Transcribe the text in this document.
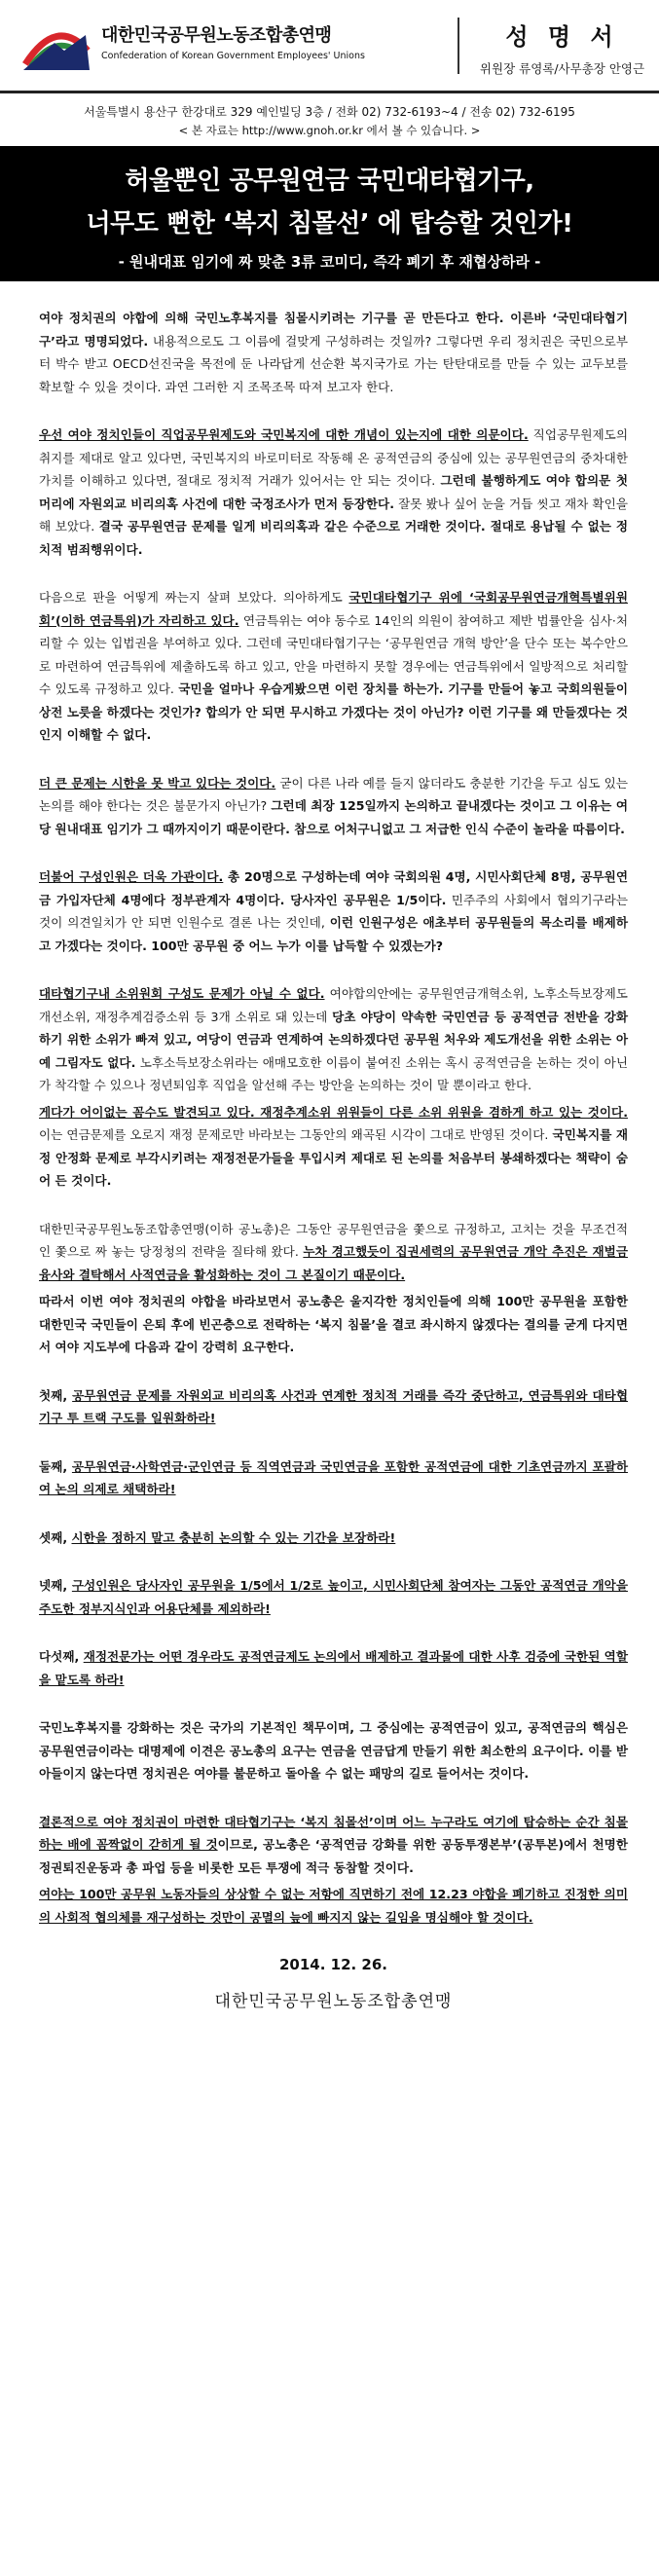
대한민국공무원노동조합총연맹
Confederation of Korean Government Employees' Unions
성 명 서
위원장 류영록/사무총장 안영근
서울특별시 용산구 한강대로 329 예인빌딩 3층 / 전화 02) 732-6193~4 / 전송 02) 732-6195
< 본 자료는 http://www.gnoh.or.kr 에서 볼 수 있습니다. >
허울뿐인 공무원연금 국민대타협기구,
너무도 뻔한 ‘복지 침몰선’ 에 탑승할 것인가!
- 원내대표 임기에 짜 맞춘 3류 코미디, 즉각 폐기 후 재협상하라 -

여야 정치권의 야합에 의해 국민노후복지를 침몰시키려는 기구를 곧 만든다고 한다. 이른바 ‘국민대타협기구’라고 명명되었다. 내용적으로도 그 이름에 걸맞게 구성하려는 것일까? 그렇다면 우리 정치권은 국민으로부터 박수 받고 OECD선진국을 목전에 둔 나라답게 선순환 복지국가로 가는 탄탄대로를 만들 수 있는 교두보를 확보할 수 있을 것이다. 과연 그러한 지 조목조목 따져 보고자 한다.

우선 여야 정치인들이 직업공무원제도와 국민복지에 대한 개념이 있는지에 대한 의문이다. 직업공무원제도의 취지를 제대로 알고 있다면, 국민복지의 바로미터로 작동해 온 공적연금의 중심에 있는 공무원연금의 중차대한 가치를 이해하고 있다면, 절대로 정치적 거래가 있어서는 안 되는 것이다. 그런데 불행하게도 여야 합의문 첫 머리에 자원외교 비리의혹 사건에 대한 국정조사가 먼저 등장한다. 잘못 봤나 싶어 눈을 거듭 씻고 재차 확인을 해 보았다. 결국 공무원연금 문제를 일게 비리의혹과 같은 수준으로 거래한 것이다. 절대로 용납될 수 없는 정치적 범죄행위이다.

다음으로 판을 어떻게 짜는지 살펴 보았다. 의아하게도 국민대타협기구 위에 ‘국회공무원연금개혁특별위원회’(이하 연금특위)가 자리하고 있다. 연금특위는 여야 동수로 14인의 의원이 참여하고 제반 법률안을 심사·처리할 수 있는 입법권을 부여하고 있다. 그런데 국민대타협기구는 ‘공무원연금 개혁 방안’을 단수 또는 복수안으로 마련하여 연금특위에 제출하도록 하고 있고, 안을 마련하지 못할 경우에는 연금특위에서 일방적으로 처리할 수 있도록 규정하고 있다. 국민을 얼마나 우습게봤으면 이런 장치를 하는가. 기구를 만들어 놓고 국회의원들이 상전 노릇을 하겠다는 것인가? 합의가 안 되면 무시하고 가겠다는 것이 아닌가? 이런 기구를 왜 만들겠다는 것인지 이해할 수 없다.

더 큰 문제는 시한을 못 박고 있다는 것이다. 굳이 다른 나라 예를 들지 않더라도 충분한 기간을 두고 심도 있는 논의를 해야 한다는 것은 불문가지 아닌가? 그런데 최장 125일까지 논의하고 끝내겠다는 것이고 그 이유는 여당 원내대표 임기가 그 때까지이기 때문이란다. 참으로 어처구니없고 그 저급한 인식 수준이 놀라울 따름이다.

더불어 구성인원은 더욱 가관이다. 총 20명으로 구성하는데 여야 국회의원 4명, 시민사회단체 8명, 공무원연금 가입자단체 4명에다 정부관계자 4명이다. 당사자인 공무원은 1/5이다. 민주주의 사회에서 협의기구라는 것이 의견일치가 안 되면 인원수로 결론 나는 것인데, 이런 인원구성은 애초부터 공무원들의 목소리를 배제하고 가겠다는 것이다. 100만 공무원 중 어느 누가 이를 납득할 수 있겠는가?

대타협기구내 소위원회 구성도 문제가 아닐 수 없다. 여야합의안에는 공무원연금개혁소위, 노후소득보장제도개선소위, 재정추계검증소위 등 3개 소위로 돼 있는데 당초 야당이 약속한 국민연금 등 공적연금 전반을 강화하기 위한 소위가 빠져 있고, 여당이 연금과 연계하여 논의하겠다던 공무원 처우와 제도개선을 위한 소위는 아예 그림자도 없다. 노후소득보장소위라는 애매모호한 이름이 붙여진 소위는 혹시 공적연금을 논하는 것이 아닌가 착각할 수 있으나 정년퇴임후 직업을 알선해 주는 방안을 논의하는 것이 말 뿐이라고 한다.

게다가 어이없는 꼼수도 발견되고 있다. 재정추계소위 위원들이 다른 소위 위원을 겸하게 하고 있는 것이다. 이는 연금문제를 오로지 재정 문제로만 바라보는 그동안의 왜곡된 시각이 그대로 반영된 것이다. 국민복지를 재정 안정화 문제로 부각시키려는 재정전문가들을 투입시켜 제대로 된 논의를 처음부터 봉쇄하겠다는 책략이 숨어 든 것이다.

대한민국공무원노동조합총연맹(이하 공노총)은 그동안 공무원연금을 쫓으로 규정하고, 고치는 것을 무조건적인 쫓으로 짜 놓는 당정청의 전략을 질타해 왔다. 누차 경고했듯이 집권세력의 공무원연금 개악 추진은 재벌금융사와 결탁해서 사적연금을 활성화하는 것이 그 본질이기 때문이다.

따라서 이번 여야 정치권의 야합을 바라보면서 공노총은 울지각한 정치인들에 의해 100만 공무원을 포함한 대한민국 국민들이 은퇴 후에 빈곤층으로 전락하는 ‘복지 침몰’을 결코 좌시하지 않겠다는 결의를 굳게 다지면서 여야 지도부에 다음과 같이 강력히 요구한다.

첫째, 공무원연금 문제를 자원외교 비리의혹 사건과 연계한 정치적 거래를 즉각 중단하고, 연금특위와 대타협기구 투 트랙 구도를 일원화하라!
둘째, 공무원연금·사학연금·군인연금 등 직역연금과 국민연금을 포함한 공적연금에 대한 기초연금까지 포괄하여 논의 의제로 채택하라!
셋째, 시한을 정하지 말고 충분히 논의할 수 있는 기간을 보장하라!
넷째, 구성인원은 당사자인 공무원을 1/5에서 1/2로 높이고, 시민사회단체 참여자는 그동안 공적연금 개악을 주도한 정부지식인과 어용단체를 제외하라!
다섯째, 재정전문가는 어떤 경우라도 공적연금제도 논의에서 배제하고 결과물에 대한 사후 검증에 국한된 역할을 맡도록 하라!

국민노후복지를 강화하는 것은 국가의 기본적인 책무이며, 그 중심에는 공적연금이 있고, 공적연금의 핵심은 공무원연금이라는 대명제에 이견은 공노총의 요구는 연금을 연금답게 만들기 위한 최소한의 요구이다. 이를 받아들이지 않는다면 정치권은 여야를 불문하고 돌아올 수 없는 패망의 길로 들어서는 것이다.

결론적으로 여야 정치권이 마련한 대타협기구는 ‘복지 침몰선’이며 어느 누구라도 여기에 탑승하는 순간 침몰하는 배에 꼼짝없이 갇히게 될 것이므로, 공노총은 ‘공적연금 강화를 위한 공동투쟁본부’(공투본)에서 천명한 정권퇴진운동과 총 파업 등을 비롯한 모든 투쟁에 적극 동참할 것이다.

여야는 100만 공무원 노동자들의 상상할 수 없는 저항에 직면하기 전에 12.23 야합을 폐기하고 진정한 의미의 사회적 협의체를 재구성하는 것만이 공멸의 늪에 빠지지 않는 길임을 명심해야 할 것이다.

2014. 12. 26.
대한민국공무원노동조합총연맹
